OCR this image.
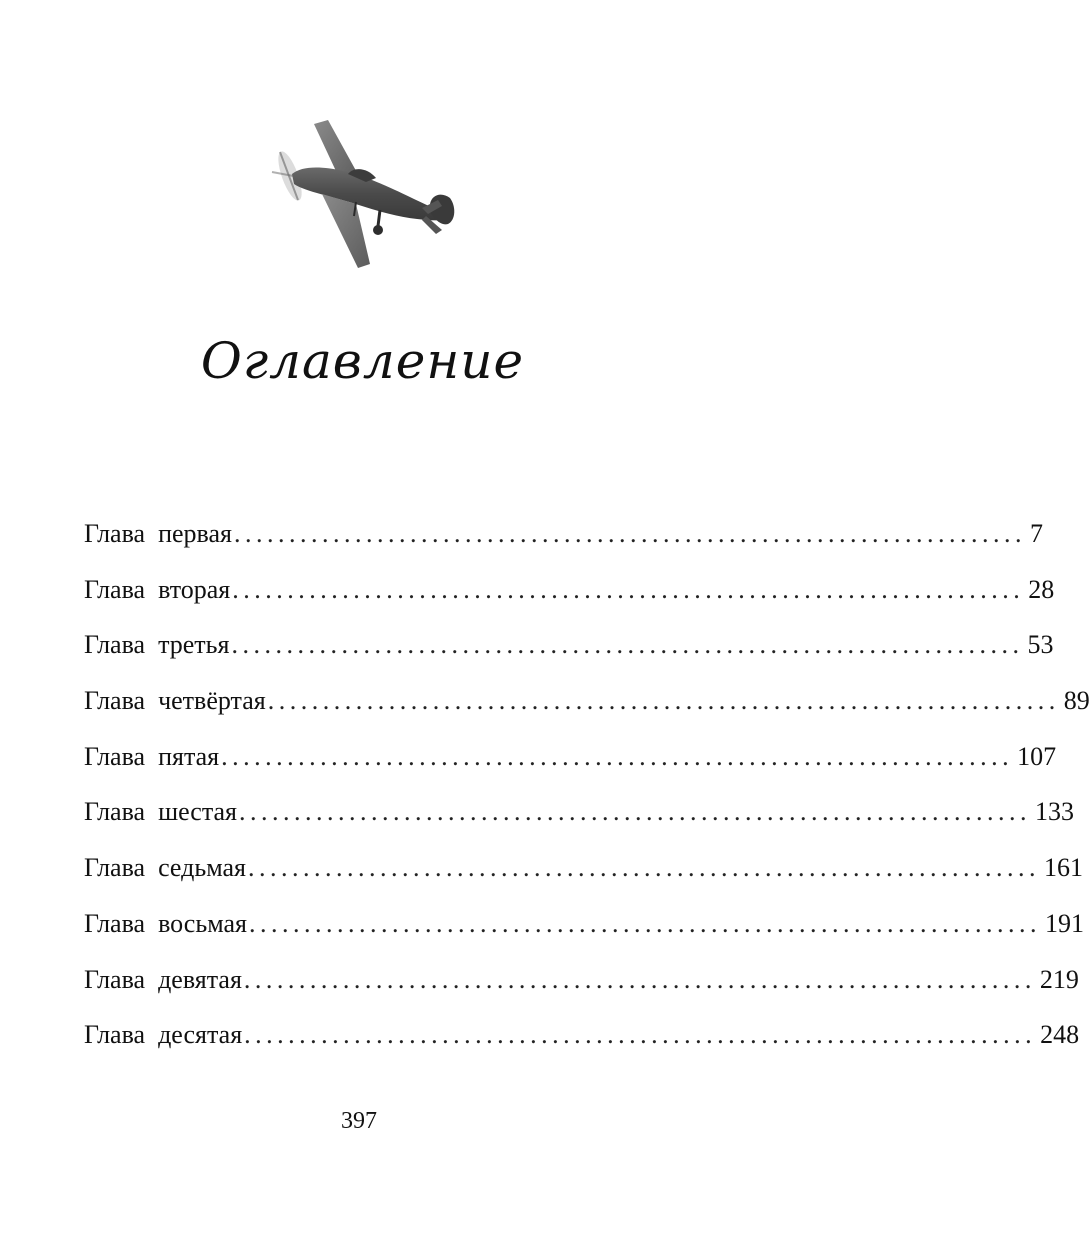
Оглавление
Глава  первая ........................................................................ 7
Глава  вторая ........................................................................ 28
Глава  третья ........................................................................ 53
Глава  четвёртая ........................................................................ 89
Глава  пятая ........................................................................ 107
Глава  шестая ........................................................................ 133
Глава  седьмая ........................................................................ 161
Глава  восьмая ........................................................................ 191
Глава  девятая ........................................................................ 219
Глава  десятая ........................................................................ 248
397
